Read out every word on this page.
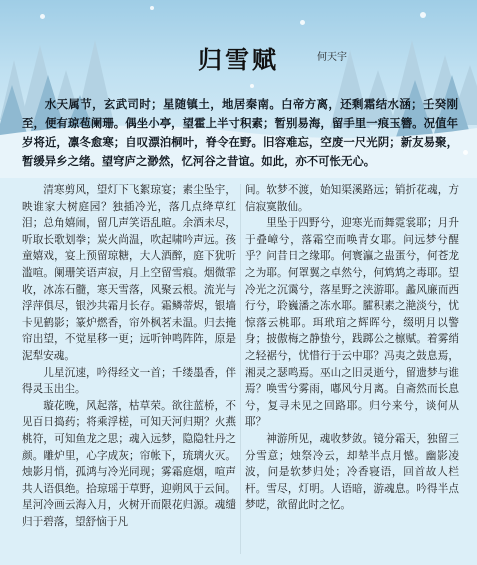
归雪赋	何天宇
水天属节，玄武司时；星随镇土，地居秦南。白帝方离，还剩霜结水涵；壬癸刚至，便有琼苞阑珊。偶坐小亭，望霍上半寸积素；暂别易海，留手里一痕玉簪。况值年岁将近，凛冬愈寒；自叹漂泊桐叶，脊令在野。旧容难忘，空废一尺光阴；新友易聚，暂缓异乡之绪。望穹庐之渺然，忆河谷之昔谊。如此，亦不可怅无心。

清寒剪风，望灯下飞絮琼宴；素尘坠宇，映谁家大树庭园？独插冷光，落几点绛草红泪；总角嬉闹，留几声笑语乱暄。余酒未尽，听取长歌划拳；炭火尚温，吹起啸吟声远。孩童嬉戏，宴上预留琼糖，大人酒醉，庭下犹听滥喧。阑珊笑语声寂，月上空留雪痕。烟微霏收，冰冻石髓，寒天雪落，风聚云根。流光与浮萍俱尽，银沙共霜月长存。霜鳞蒂烬，银墙卡见鹤影；篆炉燃香，帘外枫茗未温。归去掩帘出望，不觉星移一更；远听钟鸣阵阵，原是泥犁安魂。

儿星沉速，吟得经文一首；千缕墨香，伴得灵玉出尘。

璇花晚，风起落，枯草荣。欲往蓝桥，不见百日捣药；将乘浮槎，可知天河归期？火燕桃符，可知鱼龙之思；魂入远梦，隐隐牡丹之颜。雕炉里，心字成灰；帘帐下，琉璃火灭。烛影月悄，孤鸿与冷光同现；雾霜庭烟，喧声共人语俱绝。拾琼瑶于草野，迎朔风于云间。星河冷画云海入月，火树开而限花归源。魂缱归于碧落，望舒恼于凡

间。软梦不渡，始知渠溪路远；销折花魂，方信寂寞散仙。

里坠于四野兮，迎寒光而舞霓裳耶；月升于叠嶂兮，落霜空而唤青女耶。问远梦兮醒乎？问昔日之缘耶。何寰瀛之蛊蛋兮，何苍龙之为耶。何罩翼之卓然兮，何鸩鸩之毒耶。望冷光之沉霭兮，落星野之浃游耶。蠡风廉而西行兮，聆巍潘之冻水耶。臛积素之滟淡兮，忧惊落云桃耶。珥玳琯之辉晖兮，缀明月以警身；披傲梅之静蛰兮，践踯公之檩赋。着雾绡之轻裾兮，忧惜行于云中耶？冯夷之鼓息焉，湘灵之瑟鸣焉。巫山之旧灵逝兮，留遗梦与谁焉？唤雪兮雾雨，嘟风兮月离。自斋然而长息兮，复寻未见之回路耶。归兮来兮，谈何从耶？

神游所见，魂收梦敛。镜分霜天，独留三分雪意；烛祭冷云，却辇半点月憾。幽影凌波，问是软梦归处；冷香寝语，回首故人栏杆。雪尽，灯明。人语暗，游魂息。吟得半点梦呓，欲留此时之忆。
